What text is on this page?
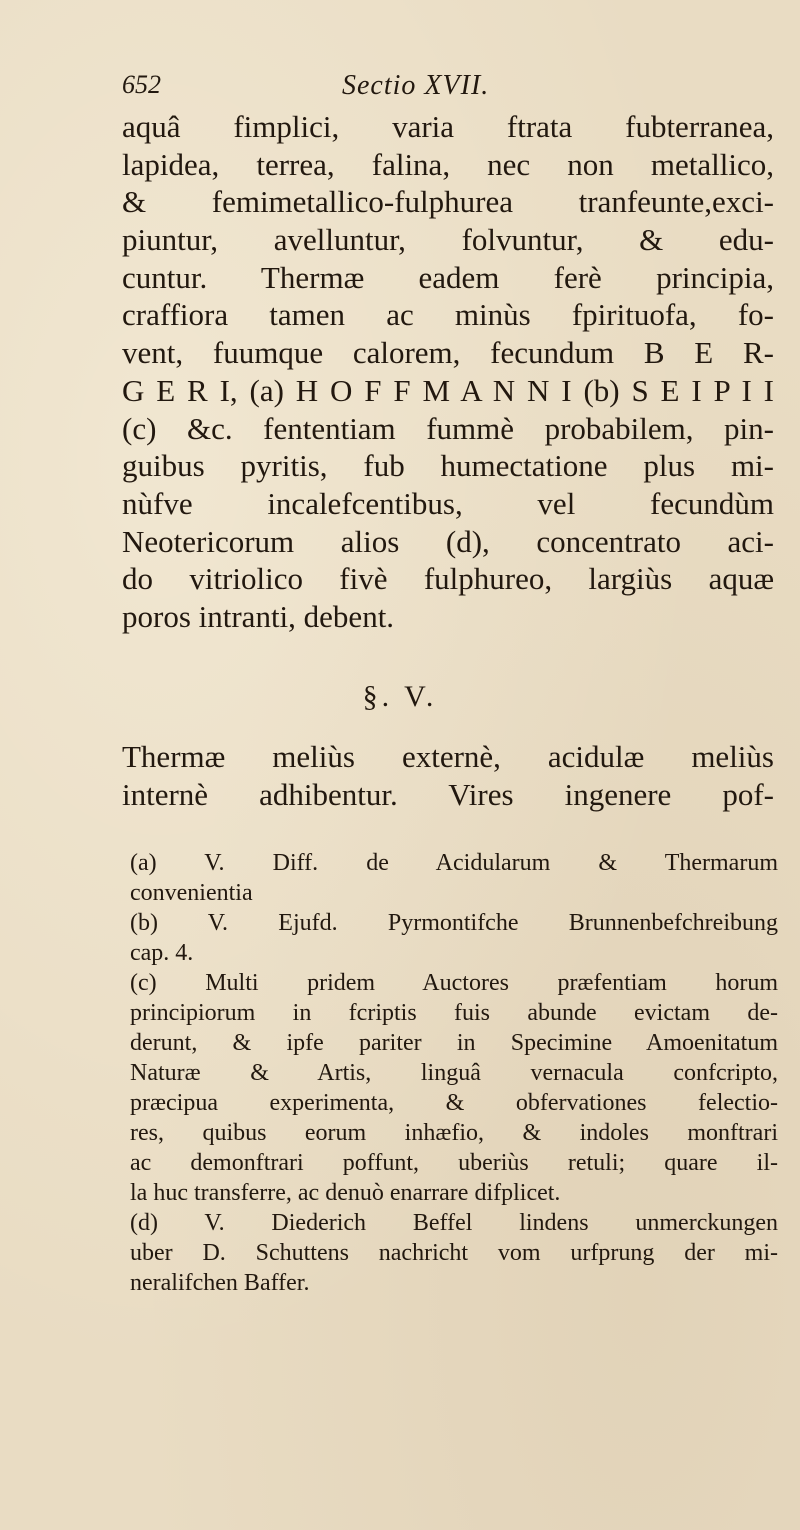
652	Sectio XVII.
aquâ fimplici, varia ftrata fubterranea,
lapidea, terrea, falina, nec non metallico,
& femimetallico-fulphurea tranfeunte,exci-
piuntur, avelluntur, folvuntur, & edu-
cuntur. Thermæ eadem ferè principia,
craffiora tamen ac minùs fpirituofa, fo-
vent, fuumque calorem, fecundum B E R-
G E R I, (a) H O F F M A N N I (b) S E I P I I
(c) &c. fententiam fummè probabilem, pin-
guibus pyritis, fub humectatione plus mi-
nùfve incalefcentibus, vel fecundùm
Neotericorum alios (d), concentrato aci-
do vitriolico fivè fulphureo, largiùs aquæ
poros intranti, debent.
§. V.
Thermæ meliùs externè, acidulæ meliùs
internè adhibentur. Vires ingenere pof-
(a) V. Diff. de Acidularum & Thermarum
convenientia
(b) V. Ejufd. Pyrmontifche Brunnenbefchreibung
cap. 4.
(c) Multi pridem Auctores præfentiam horum
principiorum in fcriptis fuis abunde evictam de-
derunt, & ipfe pariter in Specimine Amoenitatum
Naturæ & Artis, linguâ vernacula confcripto,
præcipua experimenta, & obfervationes felectio-
res, quibus eorum inhæfio, & indoles monftrari
ac demonftrari poffunt, uberiùs retuli; quare il-
la huc transferre, ac denuò enarrare difplicet.
(d) V. Diederich Beffel lindens unmerckungen
uber D. Schuttens nachricht vom urfprung der mi-
neralifchen Baffer.
